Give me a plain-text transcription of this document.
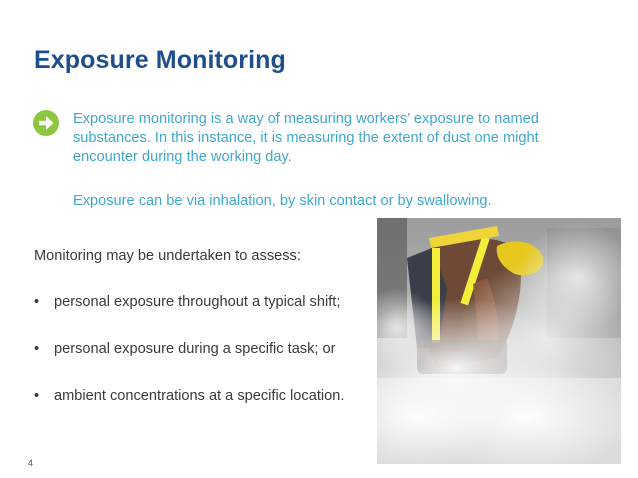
Exposure Monitoring

Exposure monitoring is a way of measuring workers’ exposure to named substances. In this instance, it is measuring the extent of dust one might encounter during the working day.

Exposure can be via inhalation, by skin contact or by swallowing.

Monitoring may be undertaken to assess:

• personal exposure throughout a typical shift;
• personal exposure during a specific task; or
• ambient concentrations at a specific location.
4
